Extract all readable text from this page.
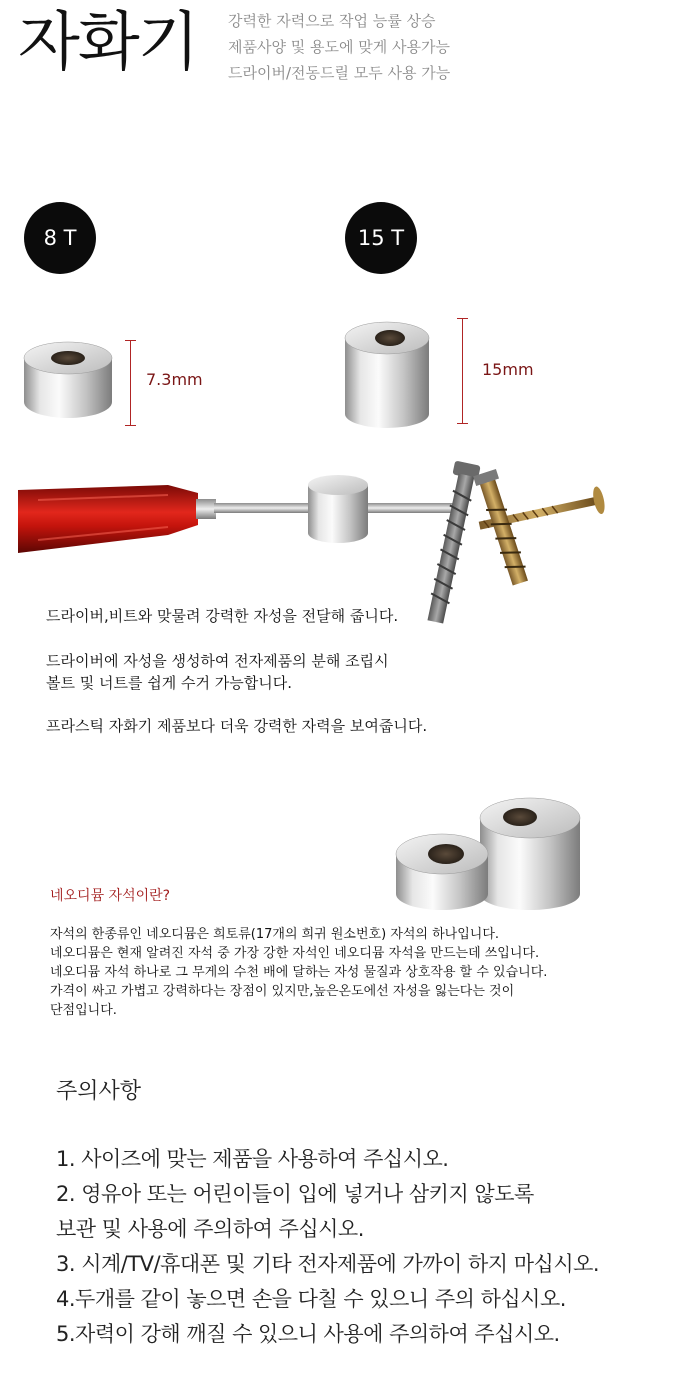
자화기 강력한 자력으로 작업 능률 상승
제품사양 및 용도에 맞게 사용가능
드라이버/전동드릴 모두 사용 가능
8 T	15 T
7.3mm
15mm
드라이버,비트와 맞물려 강력한 자성을 전달해 줍니다.
드라이버에 자성을 생성하여 전자제품의 분해 조립시
볼트 및 너트를 쉽게 수거 가능합니다.
프라스틱 자화기 제품보다 더욱 강력한 자력을 보여줍니다.
네오디뮴 자석이란?
자석의 한종류인 네오디뮴은 희토류(17개의 희귀 원소번호) 자석의 하나입니다.
네오디뮴은 현재 알려진 자석 중 가장 강한 자석인 네오디뮴 자석을 만드는데 쓰입니다.
네오디뮴 자석 하나로 그 무게의 수천 배에 달하는 자성 물질과 상호작용 할 수 있습니다.
가격이 싸고 가볍고 강력하다는 장점이 있지만,높은온도에선 자성을 잃는다는 것이
단점입니다.
주의사항
1. 사이즈에 맞는 제품을 사용하여 주십시오.
2. 영유아 또는 어린이들이 입에 넣거나 삼키지 않도록
보관 및 사용에 주의하여 주십시오.
3. 시계/TV/휴대폰 및 기타 전자제품에 가까이 하지 마십시오.
4.두개를 같이 놓으면 손을 다칠 수 있으니 주의 하십시오.
5.자력이 강해 깨질 수 있으니 사용에 주의하여 주십시오.
